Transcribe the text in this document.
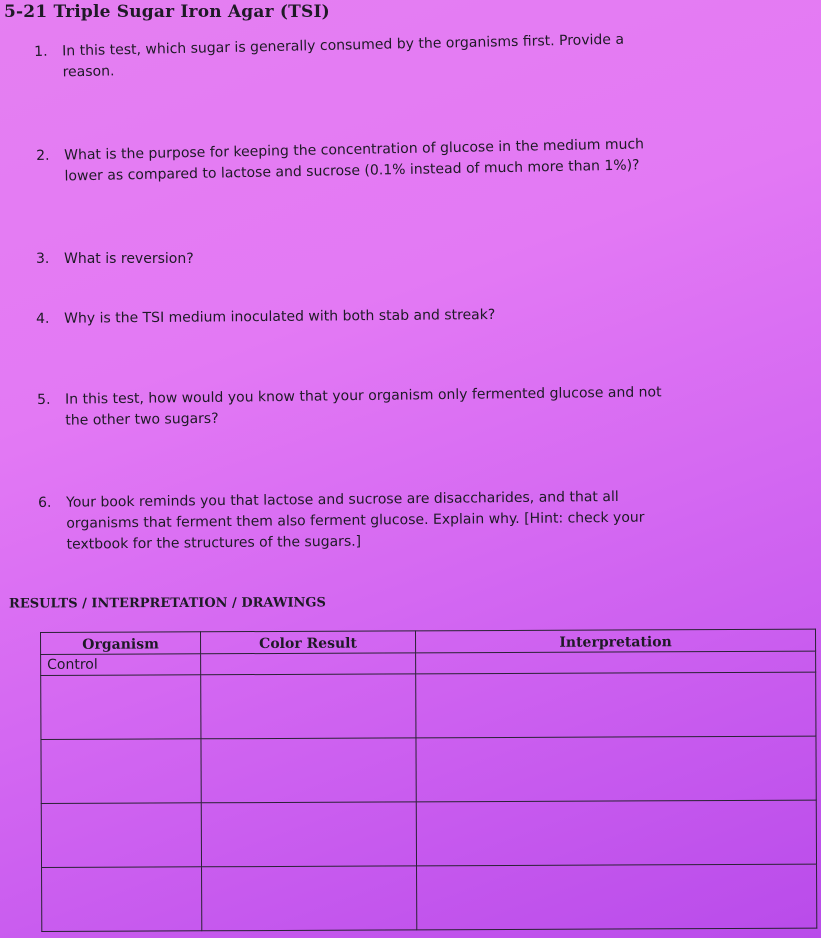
5-21 Triple Sugar Iron Agar (TSI)
1. In this test, which sugar is generally consumed by the organisms first. Provide a
reason.
2. What is the purpose for keeping the concentration of glucose in the medium much
lower as compared to lactose and sucrose (0.1% instead of much more than 1%)?
3. What is reversion?
4. Why is the TSI medium inoculated with both stab and streak?
5. In this test, how would you know that your organism only fermented glucose and not
the other two sugars?
6. Your book reminds you that lactose and sucrose are disaccharides, and that all
organisms that ferment them also ferment glucose. Explain why. [Hint: check your
textbook for the structures of the sugars.]
RESULTS / INTERPRETATION / DRAWINGS
Organism	Color Result	Interpretation
Control		
